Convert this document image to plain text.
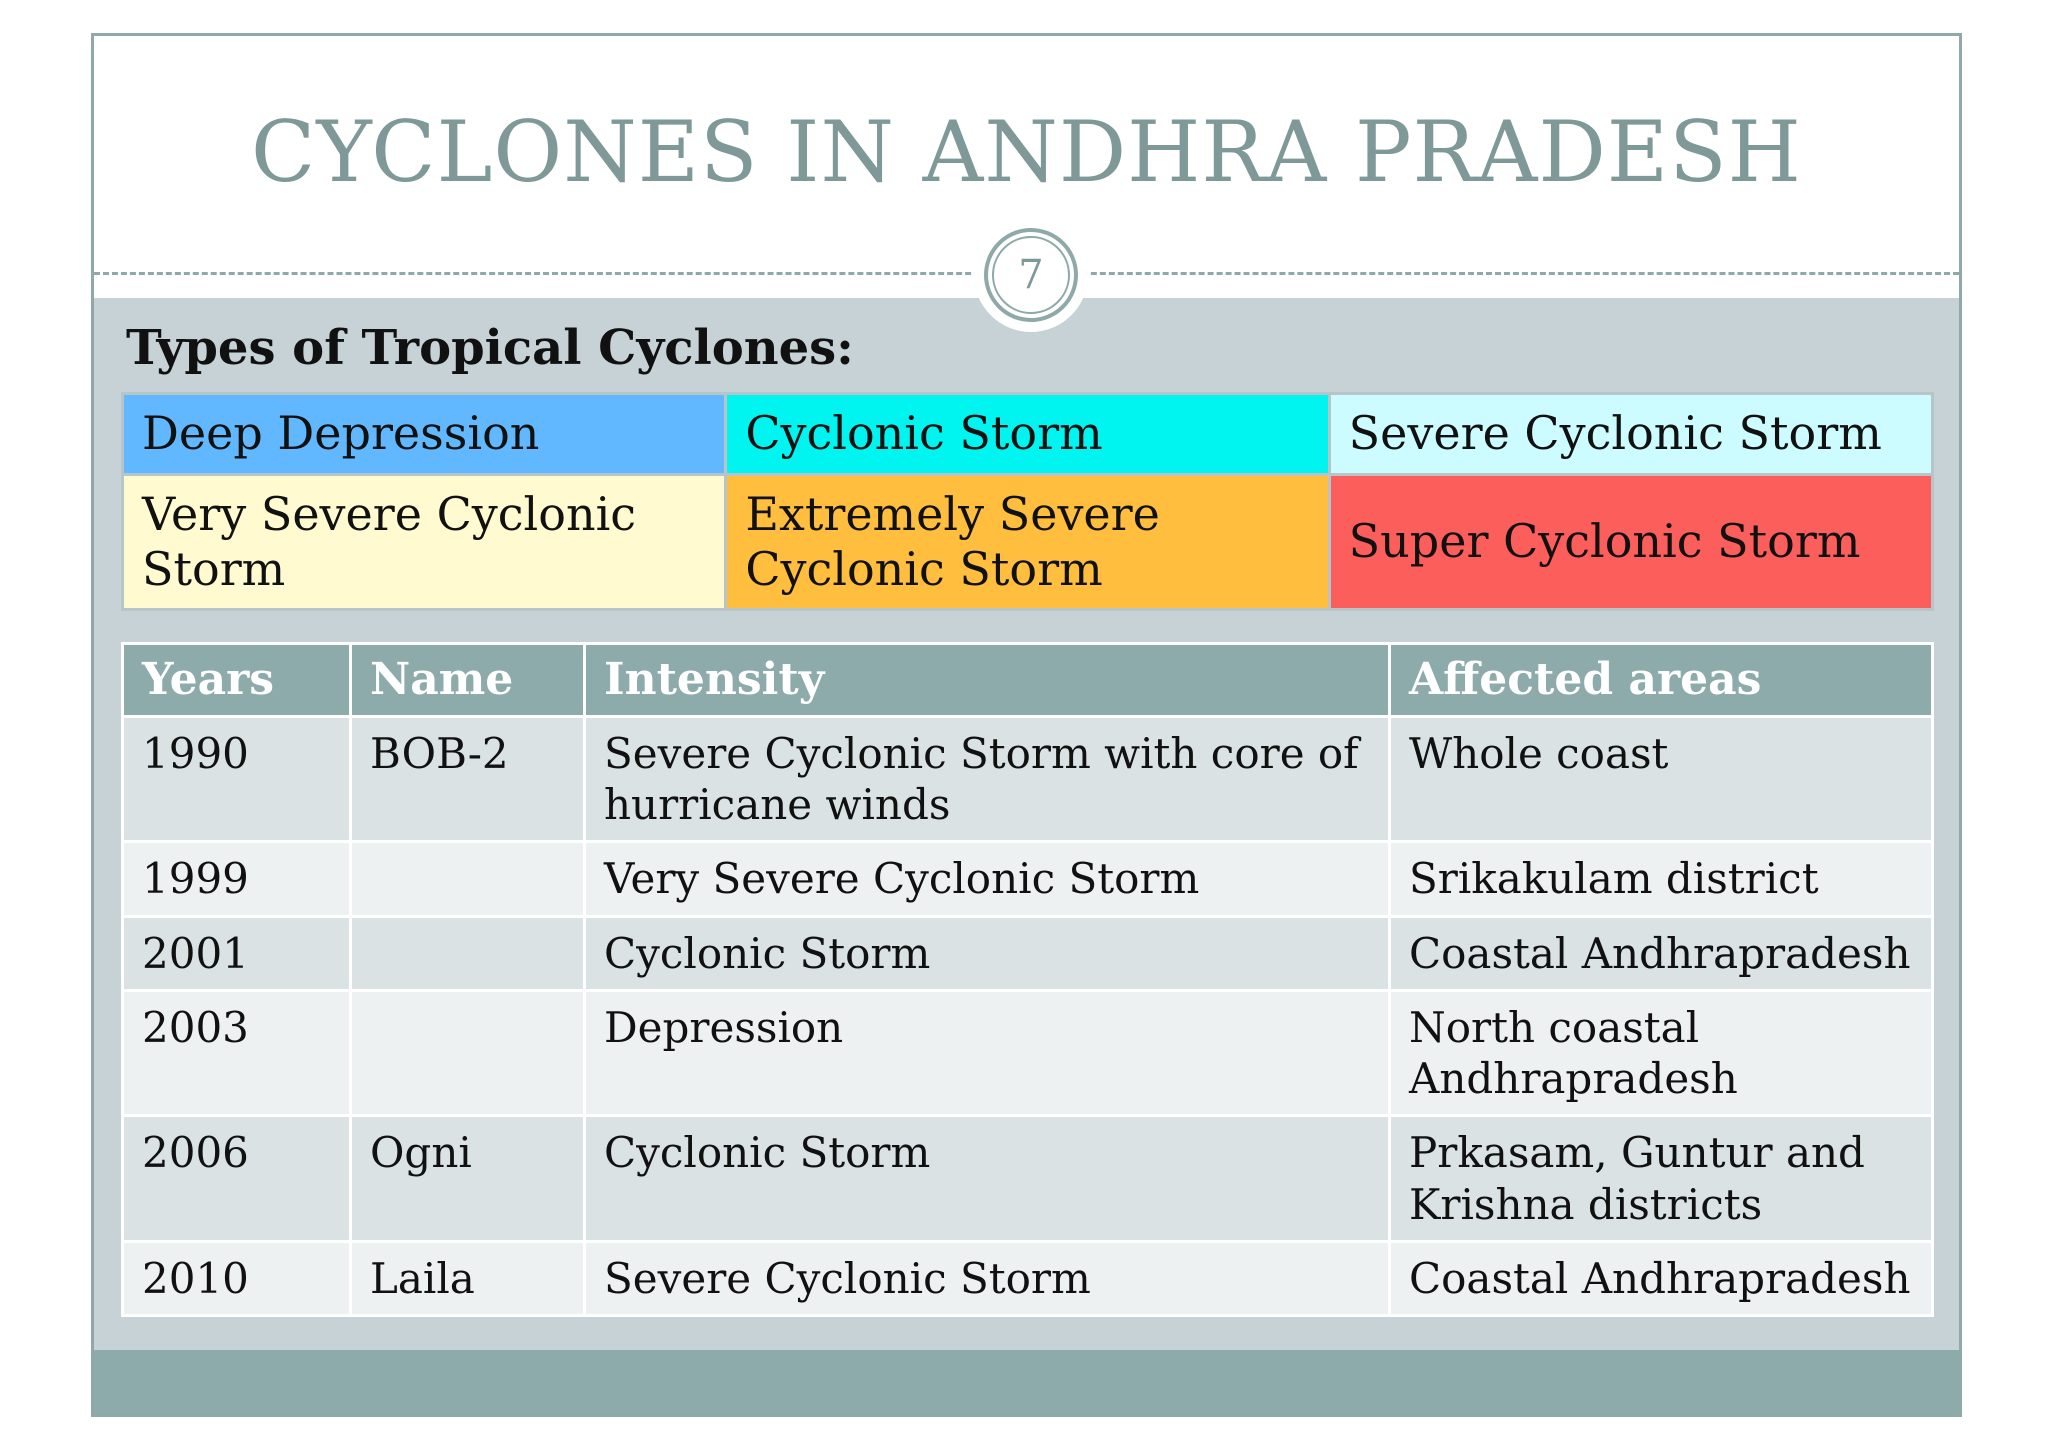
CYCLONES IN ANDHRA PRADESH
7
Types of Tropical Cyclones:
Deep Depression	Cyclonic Storm	Severe Cyclonic Storm
Very Severe Cyclonic Storm	Extremely Severe Cyclonic Storm	Super Cyclonic Storm
Years	Name	Intensity	Affected areas
1990	BOB-2	Severe Cyclonic Storm with core of hurricane winds	Whole coast
1999		Very Severe Cyclonic Storm	Srikakulam district
2001		Cyclonic Storm	Coastal Andhrapradesh
2003		Depression	North coastal Andhrapradesh
2006	Ogni	Cyclonic Storm	Prkasam, Guntur and Krishna districts
2010	Laila	Severe Cyclonic Storm	Coastal Andhrapradesh
